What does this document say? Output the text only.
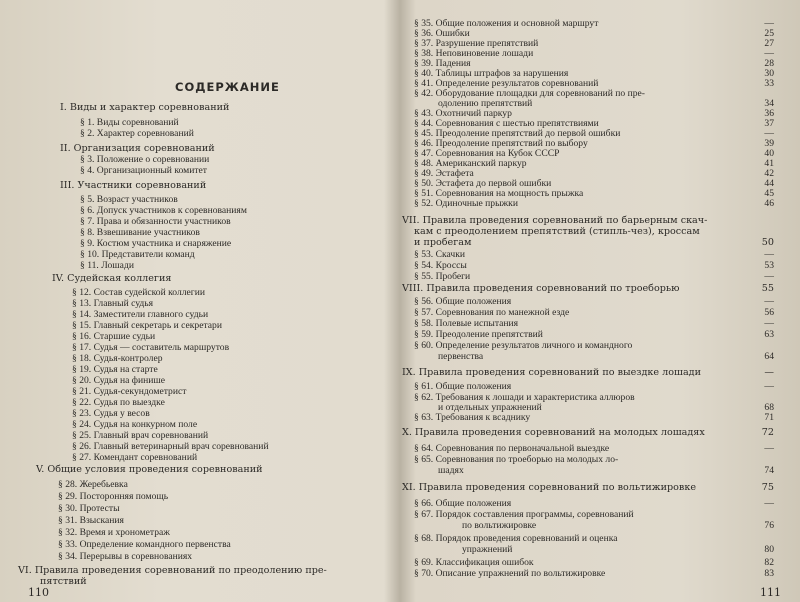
СОДЕРЖАНИЕ
I. Виды и характер соревнований
§ 1. Виды соревнований
§ 2. Характер соревнований
II. Организация соревнований
§ 3. Положение о соревновании
§ 4. Организационный комитет
III. Участники соревнований
§ 5. Возраст участников
§ 6. Допуск участников к соревнованиям
§ 7. Права и обязанности участников
§ 8. Взвешивание участников
§ 9. Костюм участника и снаряжение
§ 10. Представители команд
§ 11. Лошади
IV. Судейская коллегия
§ 12. Состав судейской коллегии
§ 13. Главный судья
§ 14. Заместители главного судьи
§ 15. Главный секретарь и секретари
§ 16. Старшие судьи
§ 17. Судья — составитель маршрутов
§ 18. Судья-контролер
§ 19. Судья на старте
§ 20. Судья на финише
§ 21. Судья-секундометрист
§ 22. Судья по выездке
§ 23. Судья у весов
§ 24. Судья на конкурном поле
§ 25. Главный врач соревнований
§ 26. Главный ветеринарный врач соревнований
§ 27. Комендант соревнований
V. Общие условия проведения соревнований
§ 28. Жеребьевка
§ 29. Посторонняя помощь
§ 30. Протесты
§ 31. Взыскания
§ 32. Время и хронометраж
§ 33. Определение командного первенства
§ 34. Перерывы в соревнованиях
VI. Правила проведения соревнований по преодолению пре-
пятствий
110
§ 35. Общие положения и основной маршрут	—
§ 36. Ошибки	25
§ 37. Разрушение препятствий	27
§ 38. Неповиновение лошади	—
§ 39. Падения	28
§ 40. Таблицы штрафов за нарушения	30
§ 41. Определение результатов соревнований	33
§ 42. Оборудование площадки для соревнований по пре-
одолению препятствий	34
§ 43. Охотничий паркур	36
§ 44. Соревнования с шестью препятствиями	37
§ 45. Преодоление препятствий до первой ошибки	—
§ 46. Преодоление препятствий по выбору	39
§ 47. Соревнования на Кубок СССР	40
§ 48. Американский паркур	41
§ 49. Эстафета	42
§ 50. Эстафета до первой ошибки	44
§ 51. Соревнования на мощность прыжка	45
§ 52. Одиночные прыжки	46
VII. Правила проведения соревнований по барьерным скач-
кам с преодолением препятствий (стипль-чез), кроссам
и пробегам	50
§ 53. Скачки	—
§ 54. Кроссы	53
§ 55. Пробеги	—
VIII. Правила проведения соревнований по троеборью	55
§ 56. Общие положения	—
§ 57. Соревнования по манежной езде	56
§ 58. Полевые испытания	—
§ 59. Преодоление препятствий	63
§ 60. Определение результатов личного и командного
первенства	64
IX. Правила проведения соревнований по выездке лошади	—
§ 61. Общие положения	—
§ 62. Требования к лошади и характеристика аллюров
и отдельных упражнений	68
§ 63. Требования к всаднику	71
X. Правила проведения соревнований на молодых лошадях	72
§ 64. Соревнования по первоначальной выездке	—
§ 65. Соревнования по троеборью на молодых ло-
шадях	74
XI. Правила проведения соревнований по вольтижировке	75
§ 66. Общие положения	—
§ 67. Порядок составления программы, соревнований
по вольтижировке	76
§ 68. Порядок проведения соревнований и оценка
упражнений	80
§ 69. Классификация ошибок	82
§ 70. Описание упражнений по вольтижировке	83
111
